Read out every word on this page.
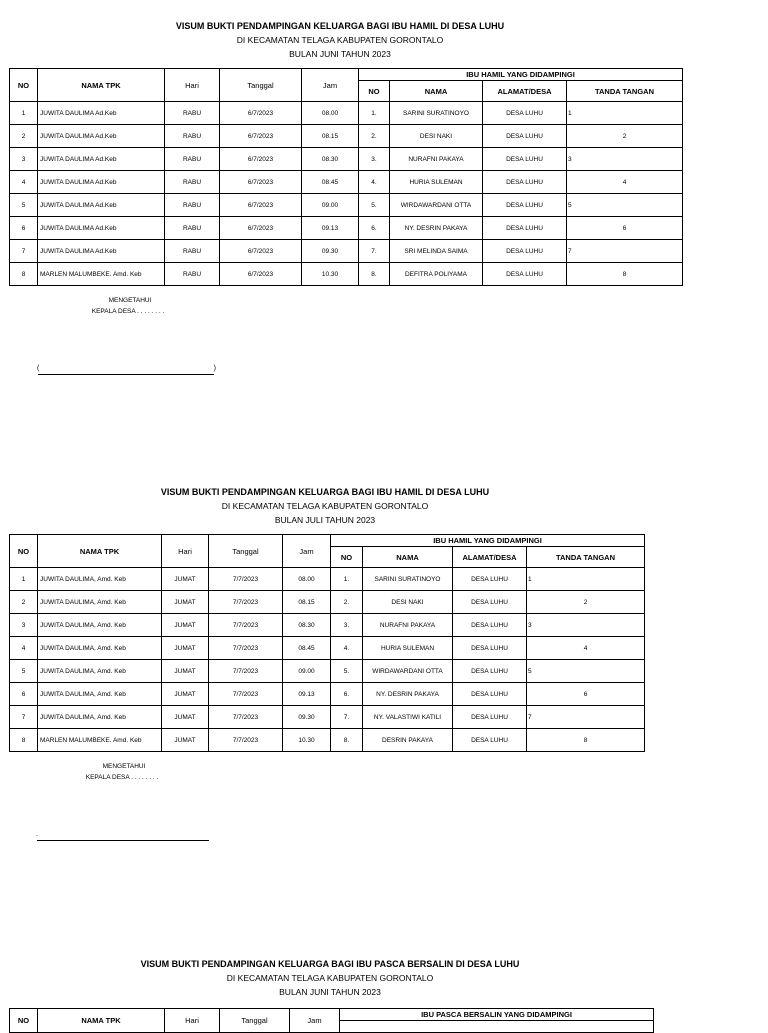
VISUM BUKTI PENDAMPINGAN KELUARGA BAGI IBU HAMIL DI DESA LUHU
DI KECAMATAN TELAGA KABUPATEN GORONTALO
BULAN JUNI TAHUN 2023
NO	NAMA TPK	Hari	Tanggal	Jam	IBU HAMIL YANG DIDAMPINGI			
					NO	NAMA	ALAMAT/DESA	TANDA TANGAN
1	JUWITA DAULIMA Ad.Keb	RABU	6/7/2023	08.00	1.	SARINI SURATINOYO	DESA LUHU	1
2	JUWITA DAULIMA Ad.Keb	RABU	6/7/2023	08.15	2.	DESI NAKI	DESA LUHU	2
3	JUWITA DAULIMA Ad.Keb	RABU	6/7/2023	08.30	3.	NURAFNI PAKAYA	DESA LUHU	3
4	JUWITA DAULIMA Ad.Keb	RABU	6/7/2023	08.45	4.	HURIA SULEMAN	DESA LUHU	4
5	JUWITA DAULIMA Ad.Keb	RABU	6/7/2023	09.00	5.	WIRDAWARDANI OTTA	DESA LUHU	5
6	JUWITA DAULIMA Ad.Keb	RABU	6/7/2023	09.13	6.	NY. DESRIN PAKAYA	DESA LUHU	6
7	JUWITA DAULIMA Ad.Keb	RABU	6/7/2023	09.30	7.	SRI MELINDA SAIMA	DESA LUHU	7
8	MARLEN MALUMBEKE. Amd. Keb	RABU	6/7/2023	10.30	8.	DEFITRA POLIYAMA	DESA LUHU	8
MENGETAHUI
KEPALA DESA . . . . . . . .
(	)
VISUM BUKTI PENDAMPINGAN KELUARGA BAGI IBU HAMIL DI DESA LUHU
DI KECAMATAN TELAGA KABUPATEN GORONTALO
BULAN JULI TAHUN 2023
NO	NAMA TPK	Hari	Tanggal	Jam	IBU HAMIL YANG DIDAMPINGI			
					NO	NAMA	ALAMAT/DESA	TANDA TANGAN
1	JUWITA DAULIMA, Amd. Keb	JUMAT	7/7/2023	08.00	1.	SARINI SURATINOYO	DESA LUHU	1
2	JUWITA DAULIMA, Amd. Keb	JUMAT	7/7/2023	08.15	2.	DESI NAKI	DESA LUHU	2
3	JUWITA DAULIMA, Amd. Keb	JUMAT	7/7/2023	08.30	3.	NURAFNI PAKAYA	DESA LUHU	3
4	JUWITA DAULIMA, Amd. Keb	JUMAT	7/7/2023	08.45	4.	HURIA SULEMAN	DESA LUHU	4
5	JUWITA DAULIMA, Amd. Keb	JUMAT	7/7/2023	09.00	5.	WIRDAWARDANI OTTA	DESA LUHU	5
6	JUWITA DAULIMA, Amd. Keb	JUMAT	7/7/2023	09.13	6.	NY. DESRIN PAKAYA	DESA LUHU	6
7	JUWITA DAULIMA, Amd. Keb	JUMAT	7/7/2023	09.30	7.	NY. VALASTIWI KATILI	DESA LUHU	7
8	MARLEN MALUMBEKE. Amd. Keb	JUMAT	7/7/2023	10.30	8.	DESRIN PAKAYA	DESA LUHU	8
MENGETAHUI
KEPALA DESA . . . . . . . .
.
VISUM BUKTI PENDAMPINGAN KELUARGA BAGI IBU PASCA BERSALIN DI DESA LUHU
DI KECAMATAN TELAGA KABUPATEN GORONTALO
BULAN JUNI TAHUN 2023
NO	NAMA TPK	Hari	Tanggal	Jam	IBU PASCA BERSALIN YANG DIDAMPINGI
